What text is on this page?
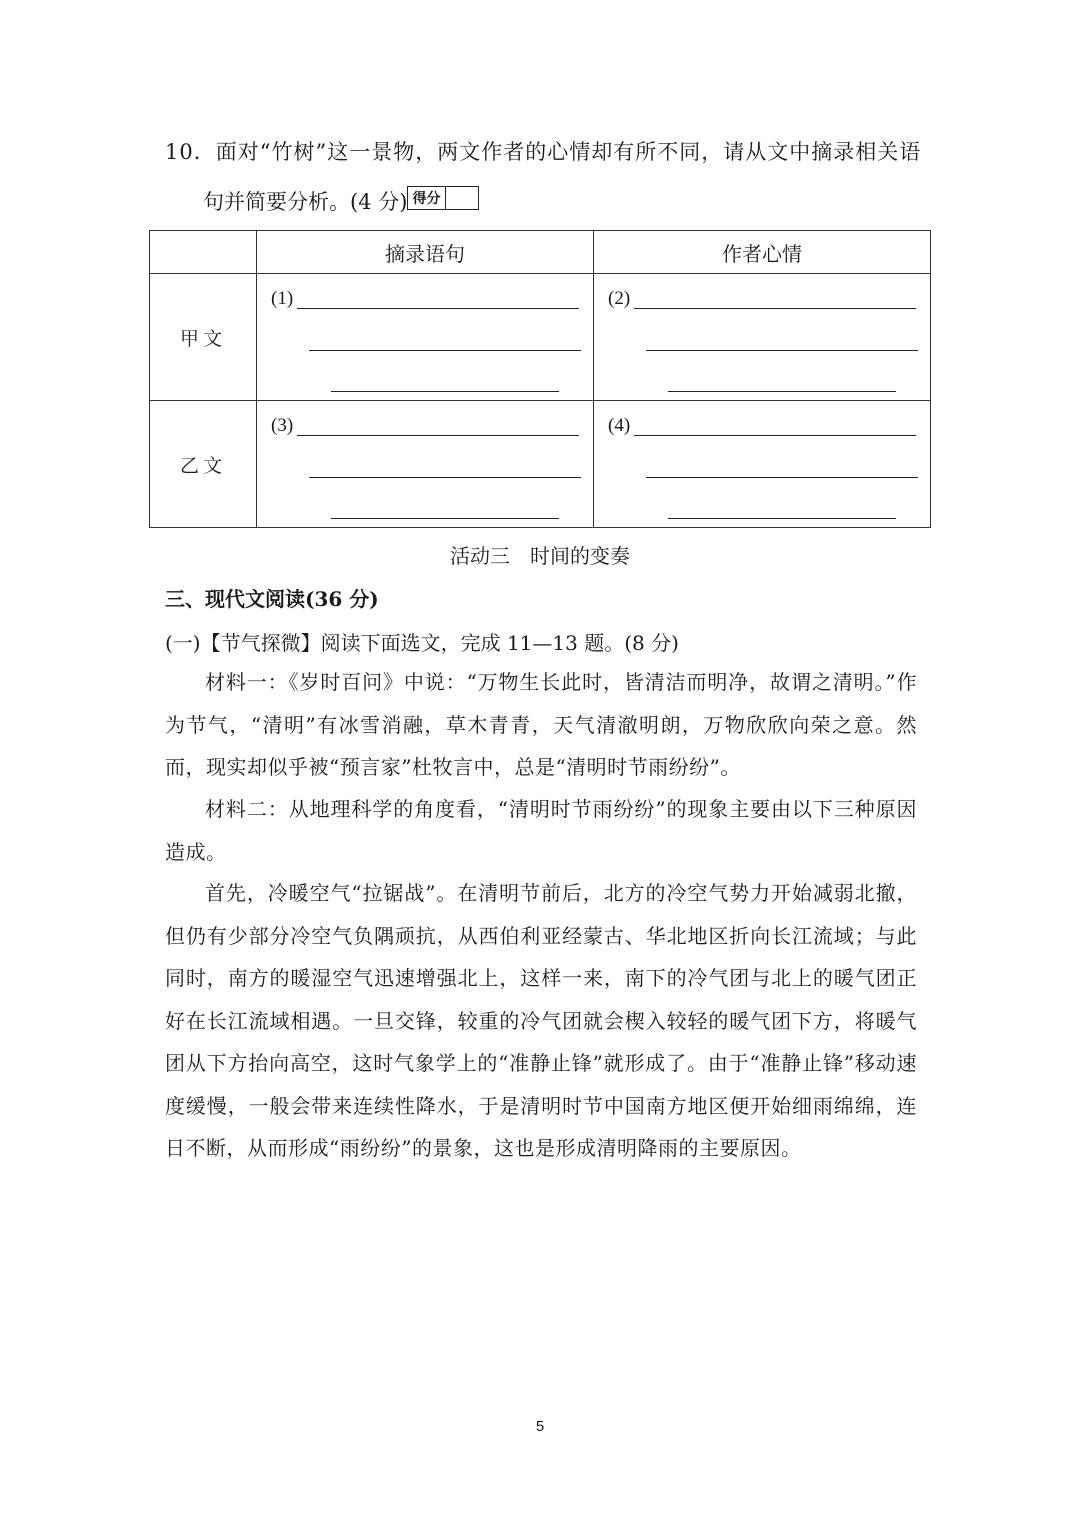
10．面对“竹树”这一景物，两文作者的心情却有所不同，请从文中摘录相关语
句并简要分析。(4 分) 得分
	摘录语句	作者心情
甲文	(1)	(2)

乙文	(3)	(4)
活动三　时间的变奏
三、现代文阅读(36 分)
(一)【节气探微】阅读下面选文，完成 11—13 题。(8 分)

材料一：《岁时百问》中说：“万物生长此时，皆清洁而明净，故谓之清明。”作为节气，“清明”有冰雪消融，草木青青，天气清澈明朗，万物欣欣向荣之意。然而，现实却似乎被“预言家”杜牧言中，总是“清明时节雨纷纷”。

材料二：从地理科学的角度看，“清明时节雨纷纷”的现象主要由以下三种原因造成。

首先，冷暖空气“拉锯战”。在清明节前后，北方的冷空气势力开始减弱北撤，但仍有少部分冷空气负隅顽抗，从西伯利亚经蒙古、华北地区折向长江流域；与此同时，南方的暖湿空气迅速增强北上，这样一来，南下的冷气团与北上的暖气团正好在长江流域相遇。一旦交锋，较重的冷气团就会楔入较轻的暖气团下方，将暖气团从下方抬向高空，这时气象学上的“准静止锋”就形成了。由于“准静止锋”移动速度缓慢，一般会带来连续性降水，于是清明时节中国南方地区便开始细雨绵绵，连日不断，从而形成“雨纷纷”的景象，这也是形成清明降雨的主要原因。

5
